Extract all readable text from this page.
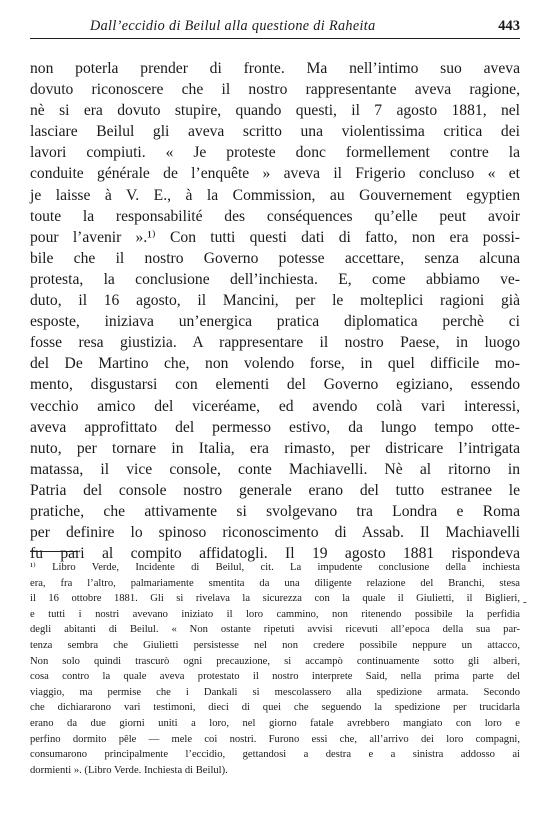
Dall’eccidio di Beilul alla questione di Raheita	443
non poterla prender di fronte. Ma nell’intimo suo aveva
dovuto riconoscere che il nostro rappresentante aveva ragione,
nè si era dovuto stupire, quando questi, il 7 agosto 1881, nel
lasciare Beilul gli aveva scritto una violentissima critica dei
lavori compiuti. « Je proteste donc formellement contre la
conduite générale de l’enquête » aveva il Frigerio concluso « et
je laisse à V. E., à la Commission, au Gouvernement egyptien
toute la responsabilité des conséquences qu’elle peut avoir
pour l’avenir ».¹⁾ Con tutti questi dati di fatto, non era possi-
bile che il nostro Governo potesse accettare, senza alcuna
protesta, la conclusione dell’inchiesta. E, come abbiamo ve-
duto, il 16 agosto, il Mancini, per le molteplici ragioni già
esposte, iniziava un’energica pratica diplomatica perchè ci
fosse resa giustizia. A rappresentare il nostro Paese, in luogo
del De Martino che, non volendo forse, in quel difficile mo-
mento, disgustarsi con elementi del Governo egiziano, essendo
vecchio amico del viceréame, ed avendo colà vari interessi,
aveva approfittato del permesso estivo, da lungo tempo otte-
nuto, per tornare in Italia, era rimasto, per districare l’intrigata
matassa, il vice console, conte Machiavelli. Nè al ritorno in
Patria del console nostro generale erano del tutto estranee le
pratiche, che attivamente si svolgevano tra Londra e Roma
per definire lo spinoso riconoscimento di Assab. Il Machiavelli
fu pari al compito affidatogli. Il 19 agosto 1881 rispondeva
¹⁾ Libro Verde, Incidente di Beilul, cit. La impudente conclusione della inchiesta
era, fra l’altro, palmariamente smentita da una diligente relazione del Branchi, stesa
il 16 ottobre 1881. Gli si rivelava la sicurezza con la quale il Giulietti, il Biglieri,
e tutti i nostri avevano iniziato il loro cammino, non ritenendo possibile la perfidia
degli abitanti di Beilul. « Non ostante ripetuti avvisi ricevuti all’epoca della sua par-
tenza sembra che Giulietti persistesse nel non credere possibile neppure un attacco,
Non solo quindi trascurò ogni precauzione, si accampò continuamente sotto gli alberi,
cosa contro la quale aveva protestato il nostro interprete Said, nella prima parte del
viaggio, ma permise che i Dankali si mescolassero alla spedizione armata. Secondo
che dichiararono vari testimoni, dieci di quei che seguendo la spedizione per trucidarla
erano da due giorni uniti a loro, nel giorno fatale avrebbero mangiato con loro e
perfino dormito pêle — mele coi nostri. Furono essi che, all’arrivo dei loro compagni,
consumarono principalmente l’eccidio, gettandosi a destra e a sinistra addosso ai
dormienti ». (Libro Verde. Inchiesta di Beilul).
-
